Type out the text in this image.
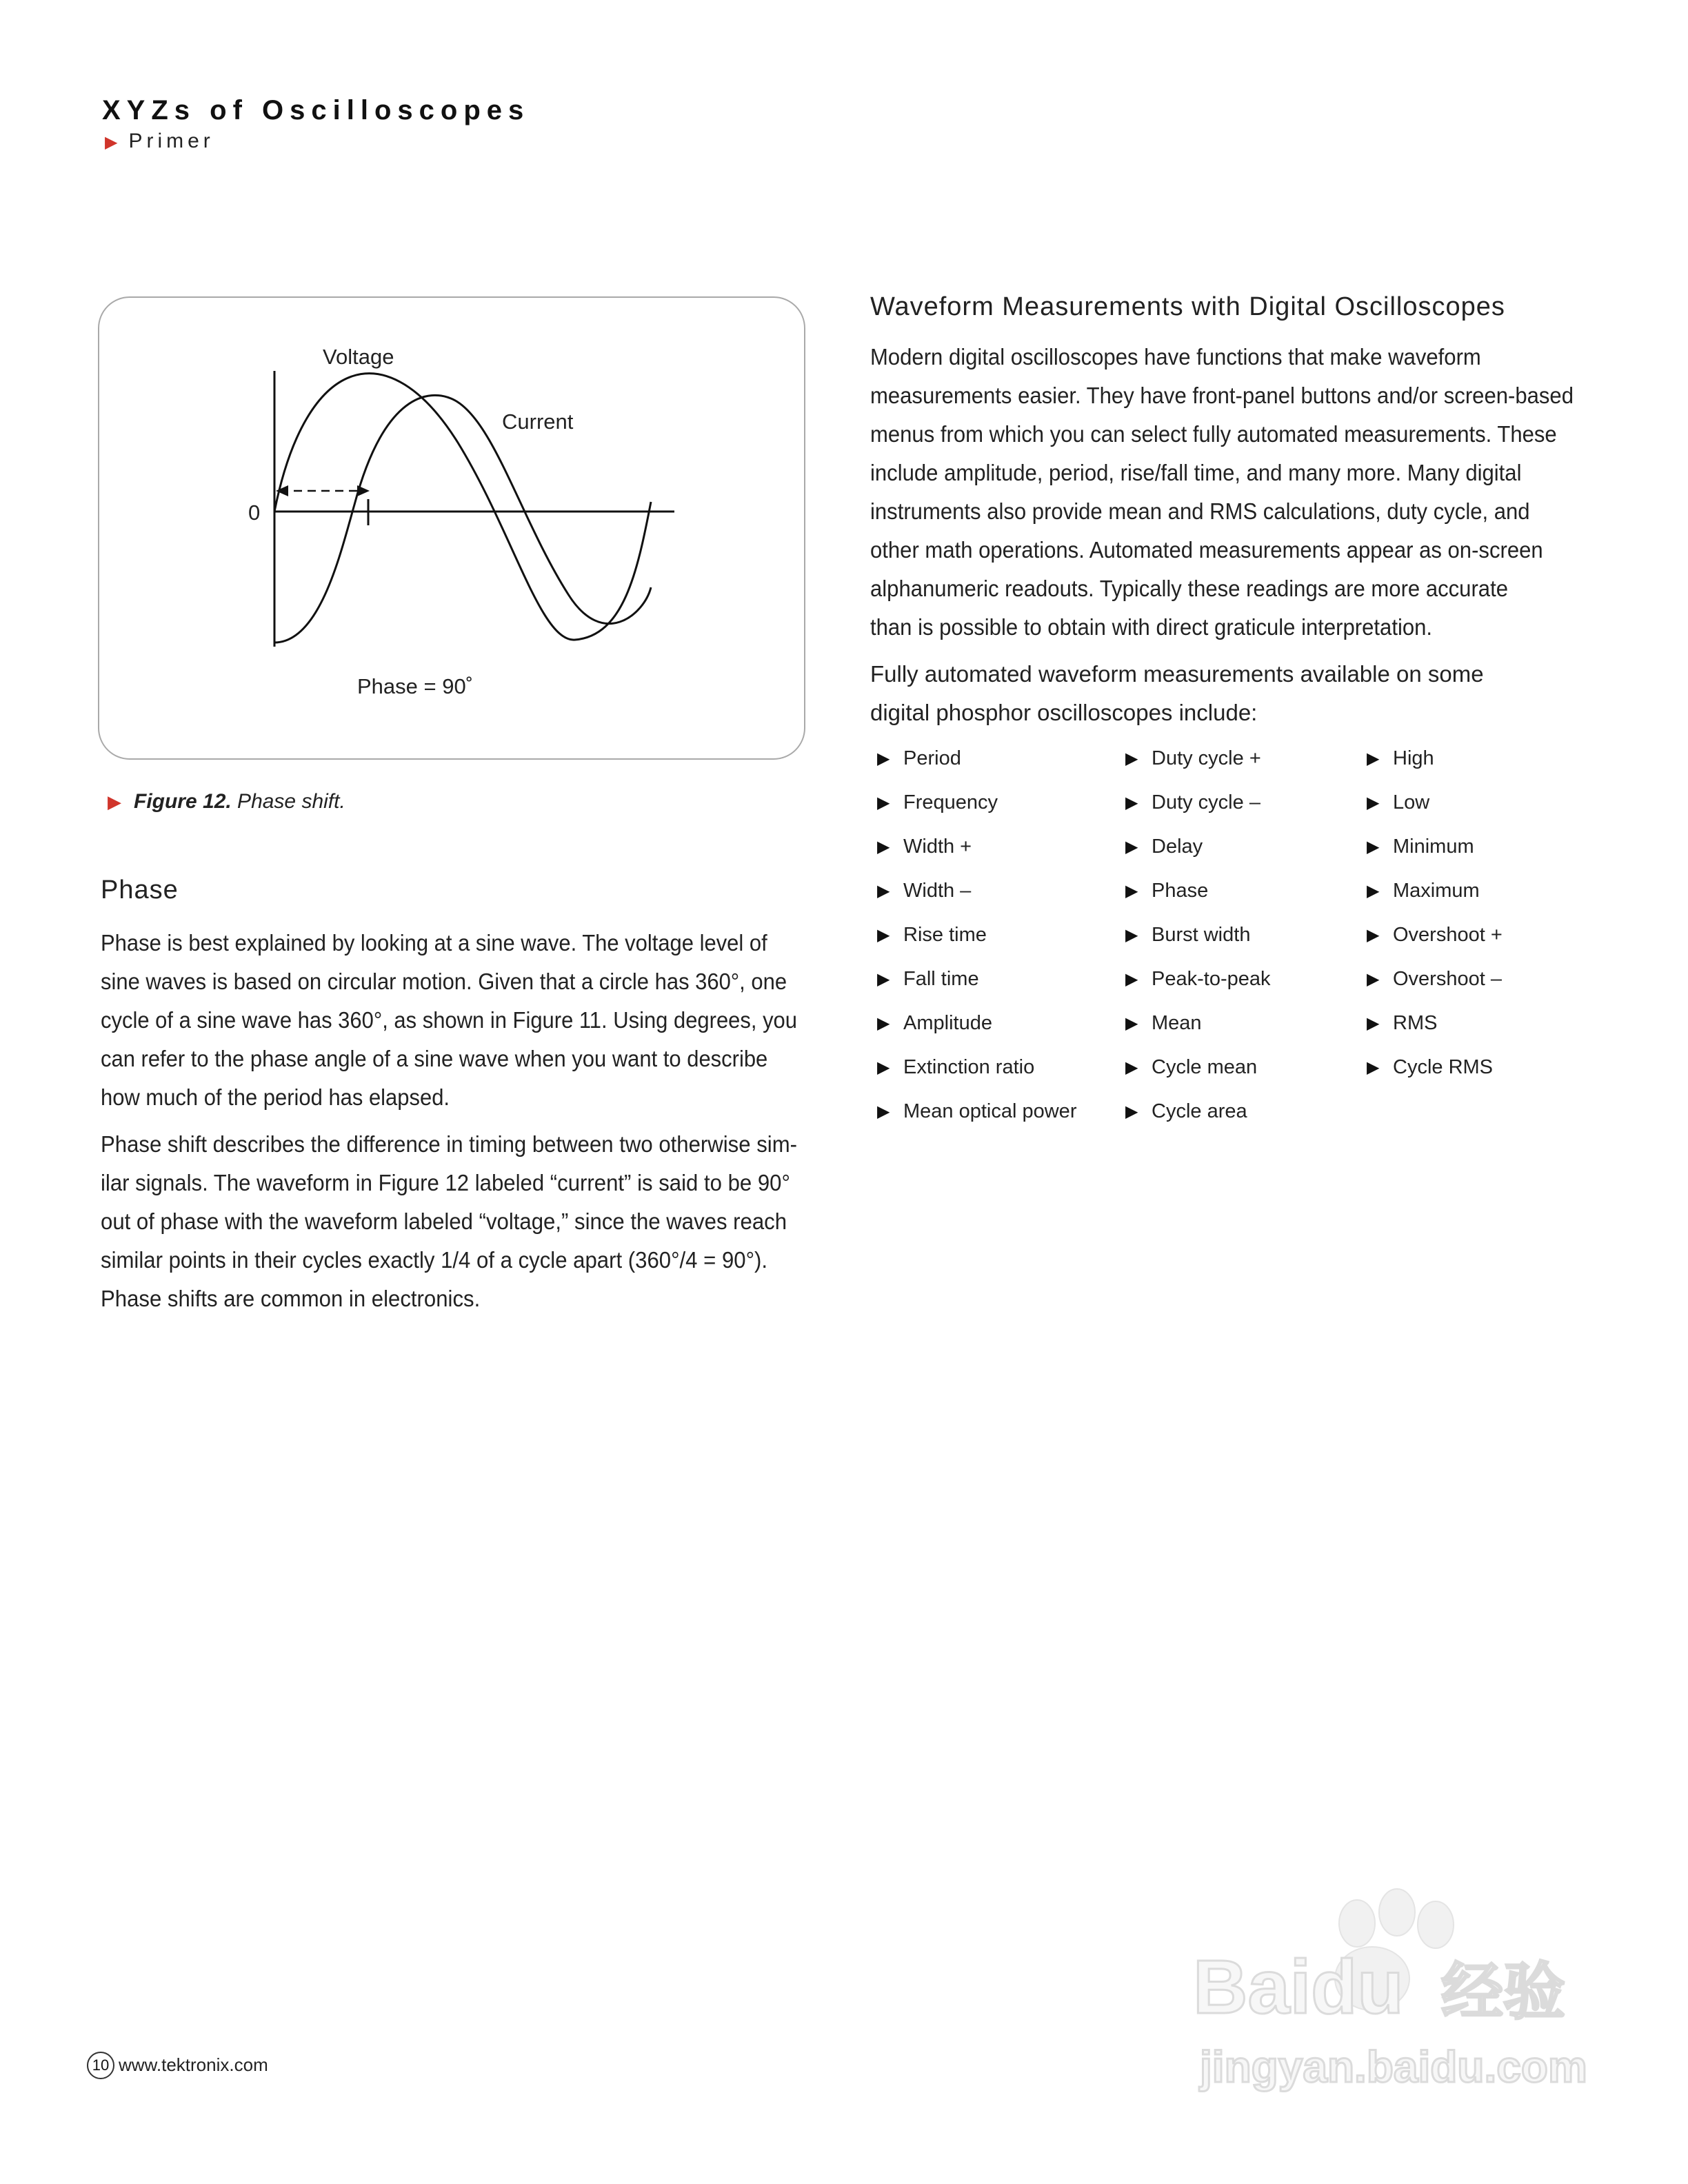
XYZs of Oscilloscopes
▶ Primer
Voltage
Current
0
Phase = 90˚
▶ Figure 12. Phase shift.
Phase
Phase is best explained by looking at a sine wave. The voltage level of
sine waves is based on circular motion. Given that a circle has 360°, one
cycle of a sine wave has 360°, as shown in Figure 11. Using degrees, you
can refer to the phase angle of a sine wave when you want to describe
how much of the period has elapsed.
Phase shift describes the difference in timing between two otherwise sim-
ilar signals. The waveform in Figure 12 labeled “current” is said to be 90°
out of phase with the waveform labeled “voltage,” since the waves reach
similar points in their cycles exactly 1/4 of a cycle apart (360°/4 = 90°).
Phase shifts are common in electronics.
Waveform Measurements with Digital Oscilloscopes
Modern digital oscilloscopes have functions that make waveform
measurements easier. They have front-panel buttons and/or screen-based
menus from which you can select fully automated measurements. These
include amplitude, period, rise/fall time, and many more. Many digital
instruments also provide mean and RMS calculations, duty cycle, and
other math operations. Automated measurements appear as on-screen
alphanumeric readouts. Typically these readings are more accurate
than is possible to obtain with direct graticule interpretation.
Fully automated waveform measurements available on some
digital phosphor oscilloscopes include:
▶ Period
▶ Frequency
▶ Width +
▶ Width –
▶ Rise time
▶ Fall time
▶ Amplitude
▶ Extinction ratio
▶ Mean optical power
▶ Duty cycle +
▶ Duty cycle –
▶ Delay
▶ Phase
▶ Burst width
▶ Peak-to-peak
▶ Mean
▶ Cycle mean
▶ Cycle area
▶ High
▶ Low
▶ Minimum
▶ Maximum
▶ Overshoot +
▶ Overshoot –
▶ RMS
▶ Cycle RMS
10 www.tektronix.com
Baidu 经验
jingyan.baidu.com
